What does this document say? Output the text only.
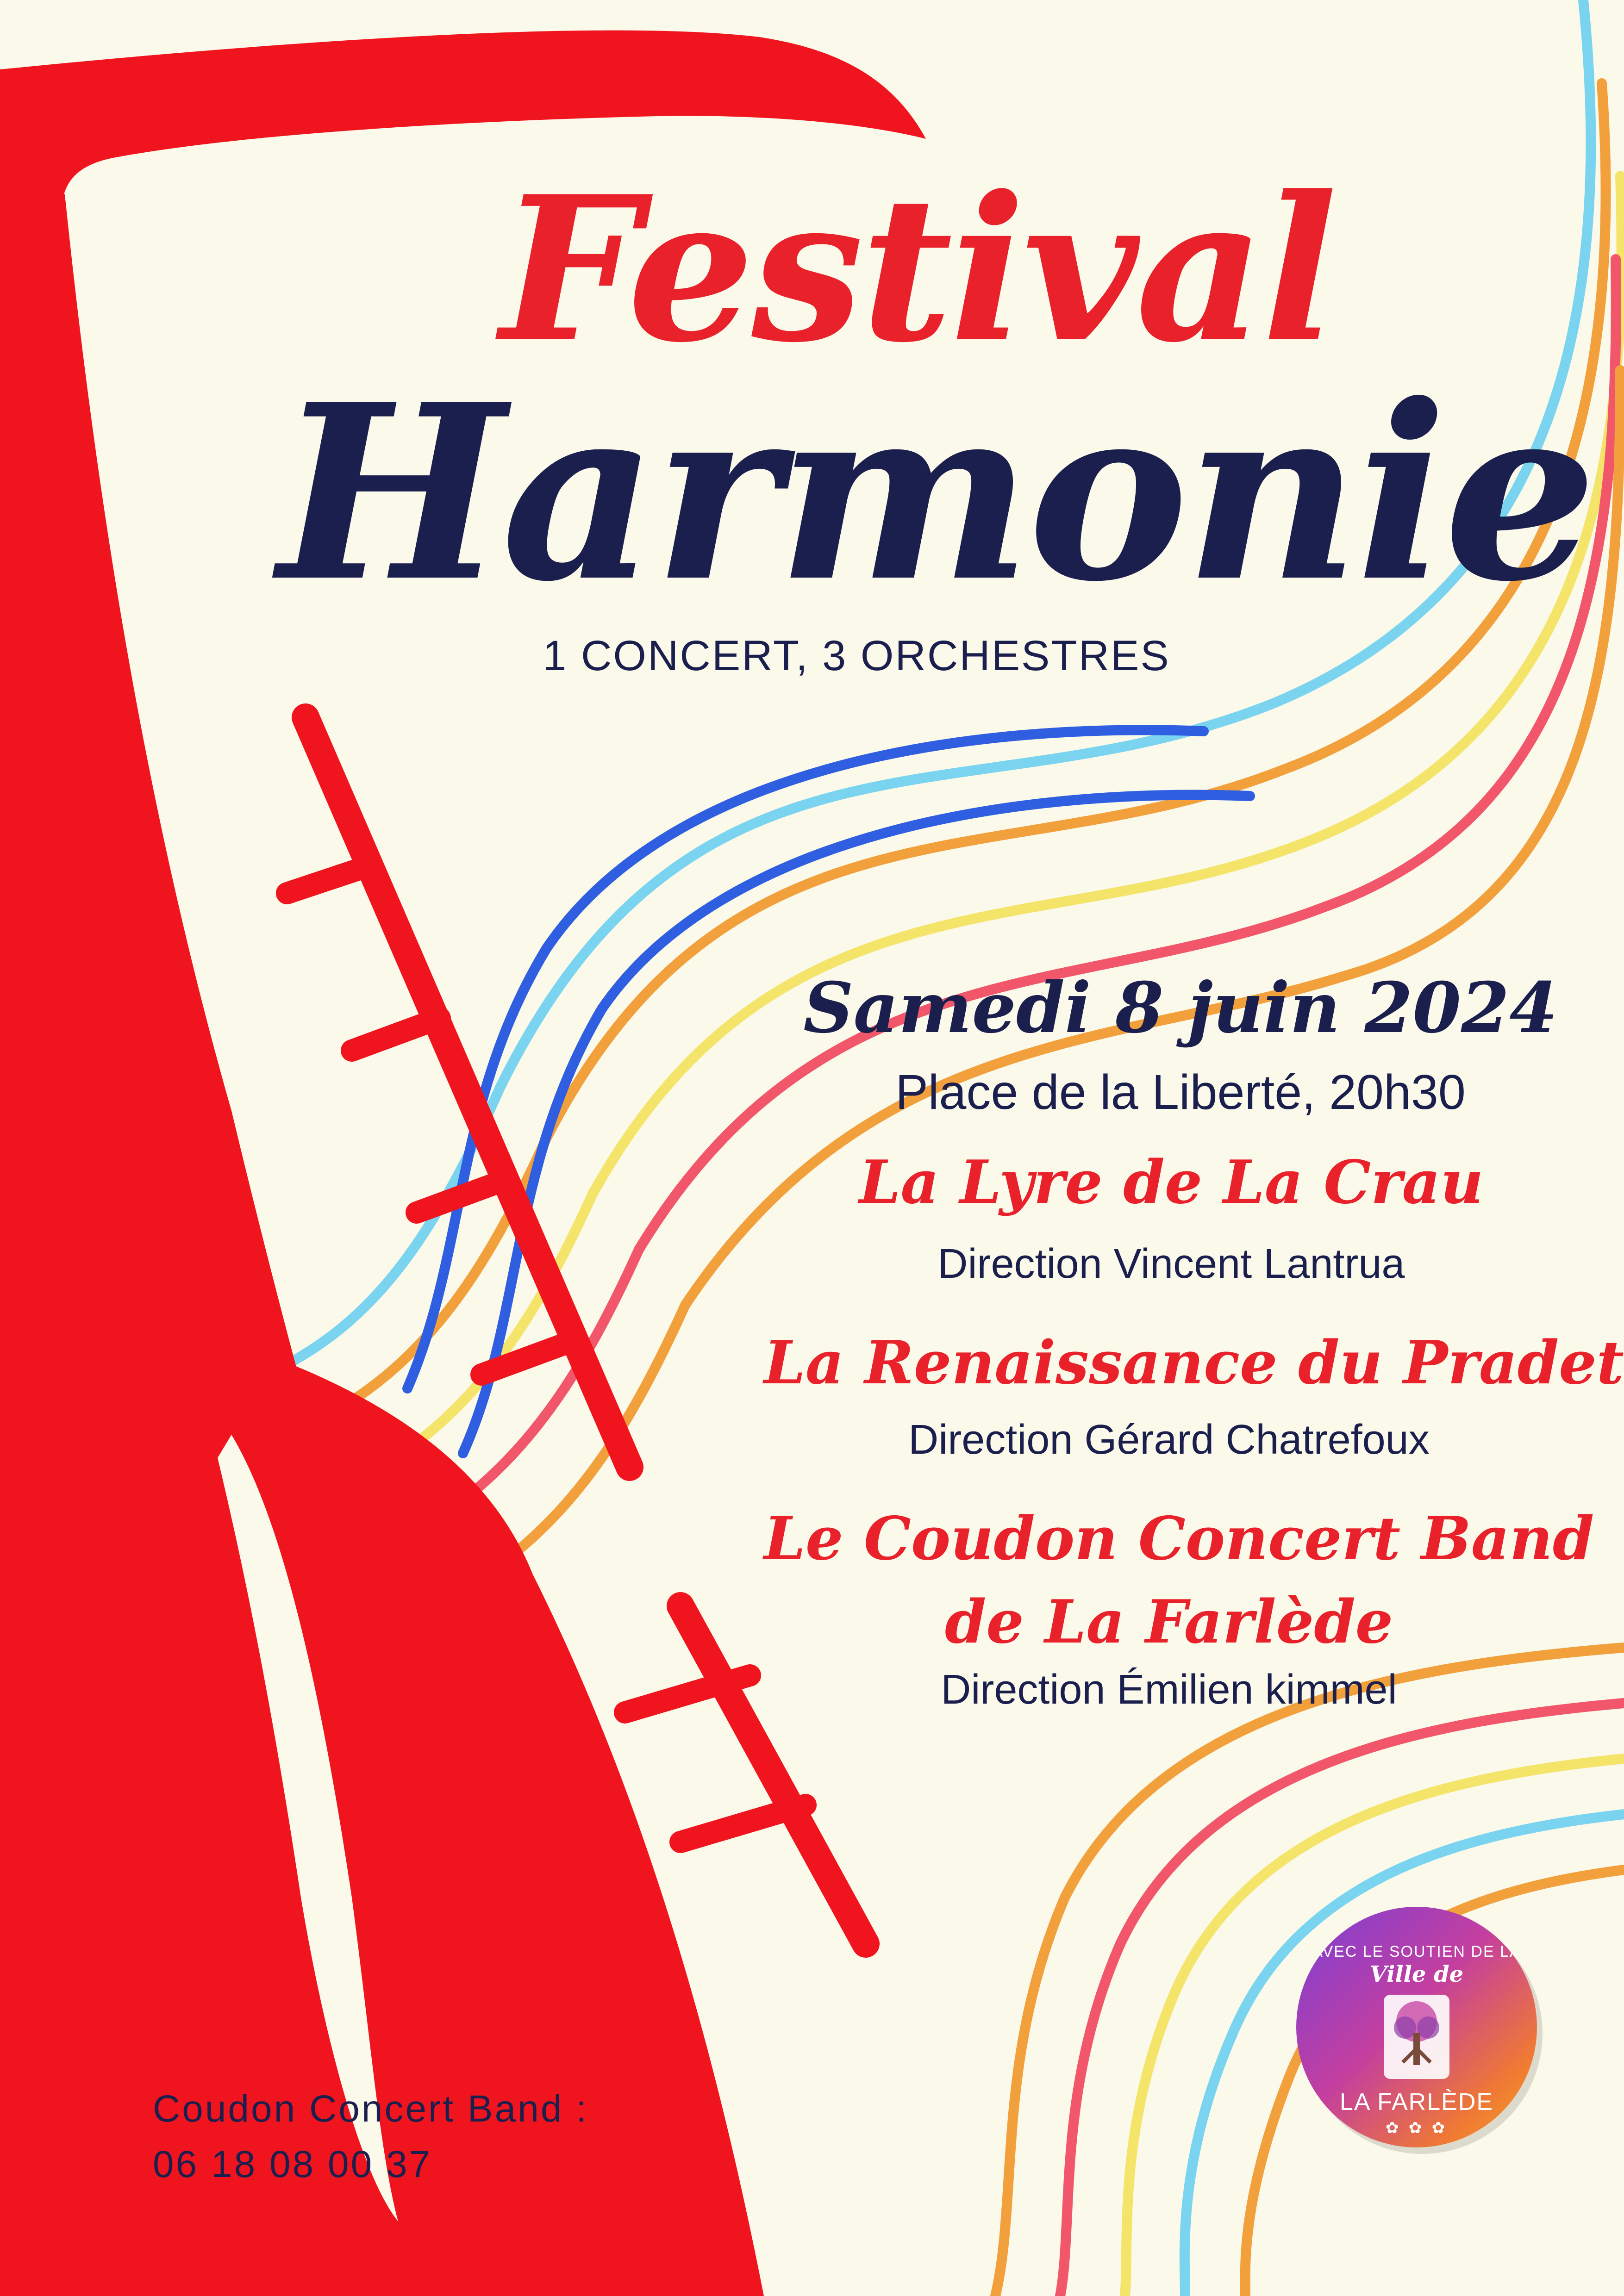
Festival

Harmonie

1 CONCERT, 3 ORCHESTRES

Samedi 8 juin 2024

Place de la Liberté, 20h30

La Lyre de La Crau

Direction Vincent Lantrua

La Renaissance du Pradet

Direction Gérard Chatrefoux

Le Coudon Concert Band

de La Farlède

Direction Émilien kimmel

Coudon Concert Band :

06 18 08 00 37

· AVEC LE SOUTIEN DE LA ·

Ville de

LA FARLÈDE

✿ ✿ ✿
